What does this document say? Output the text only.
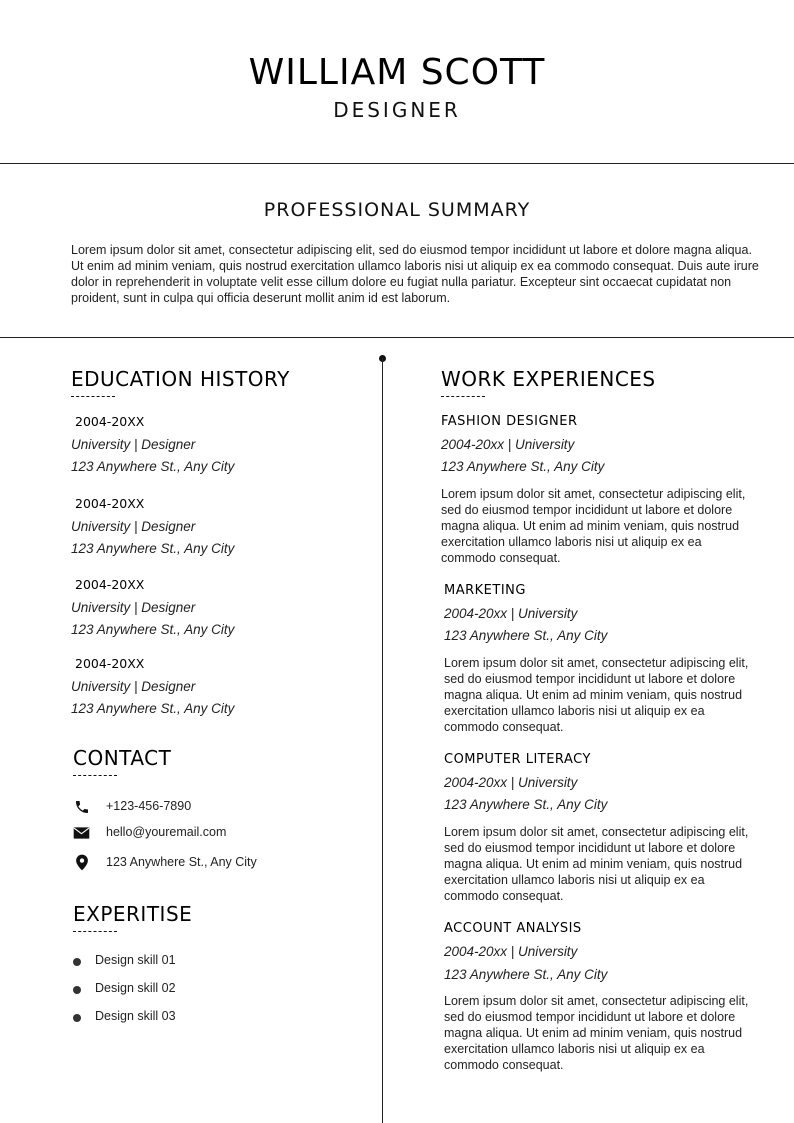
WILLIAM SCOTT
DESIGNER
PROFESSIONAL SUMMARY
Lorem ipsum dolor sit amet, consectetur adipiscing elit, sed do eiusmod tempor incididunt ut labore et dolore magna aliqua. Ut enim ad minim veniam, quis nostrud exercitation ullamco laboris nisi ut aliquip ex ea commodo consequat. Duis aute irure dolor in reprehenderit in voluptate velit esse cillum dolore eu fugiat nulla pariatur. Excepteur sint occaecat cupidatat non proident, sunt in culpa qui officia deserunt mollit anim id est laborum.
EDUCATION HISTORY
2004-20XX
University | Designer
123 Anywhere St., Any City
2004-20XX
University | Designer
123 Anywhere St., Any City
2004-20XX
University | Designer
123 Anywhere St., Any City
2004-20XX
University | Designer
123 Anywhere St., Any City
CONTACT
+123-456-7890
hello@youremail.com
123 Anywhere St., Any City
EXPERITISE
Design skill 01
Design skill 02
Design skill 03
WORK EXPERIENCES
FASHION DESIGNER
2004-20xx | University
123 Anywhere St., Any City
Lorem ipsum dolor sit amet, consectetur adipiscing elit, sed do eiusmod tempor incididunt ut labore et dolore magna aliqua. Ut enim ad minim veniam, quis nostrud exercitation ullamco laboris nisi ut aliquip ex ea commodo consequat.
MARKETING
2004-20xx | University
123 Anywhere St., Any City
Lorem ipsum dolor sit amet, consectetur adipiscing elit, sed do eiusmod tempor incididunt ut labore et dolore magna aliqua. Ut enim ad minim veniam, quis nostrud exercitation ullamco laboris nisi ut aliquip ex ea commodo consequat.
COMPUTER LITERACY
2004-20xx | University
123 Anywhere St., Any City
Lorem ipsum dolor sit amet, consectetur adipiscing elit, sed do eiusmod tempor incididunt ut labore et dolore magna aliqua. Ut enim ad minim veniam, quis nostrud exercitation ullamco laboris nisi ut aliquip ex ea commodo consequat.
ACCOUNT ANALYSIS
2004-20xx | University
123 Anywhere St., Any City
Lorem ipsum dolor sit amet, consectetur adipiscing elit, sed do eiusmod tempor incididunt ut labore et dolore magna aliqua. Ut enim ad minim veniam, quis nostrud exercitation ullamco laboris nisi ut aliquip ex ea commodo consequat.
